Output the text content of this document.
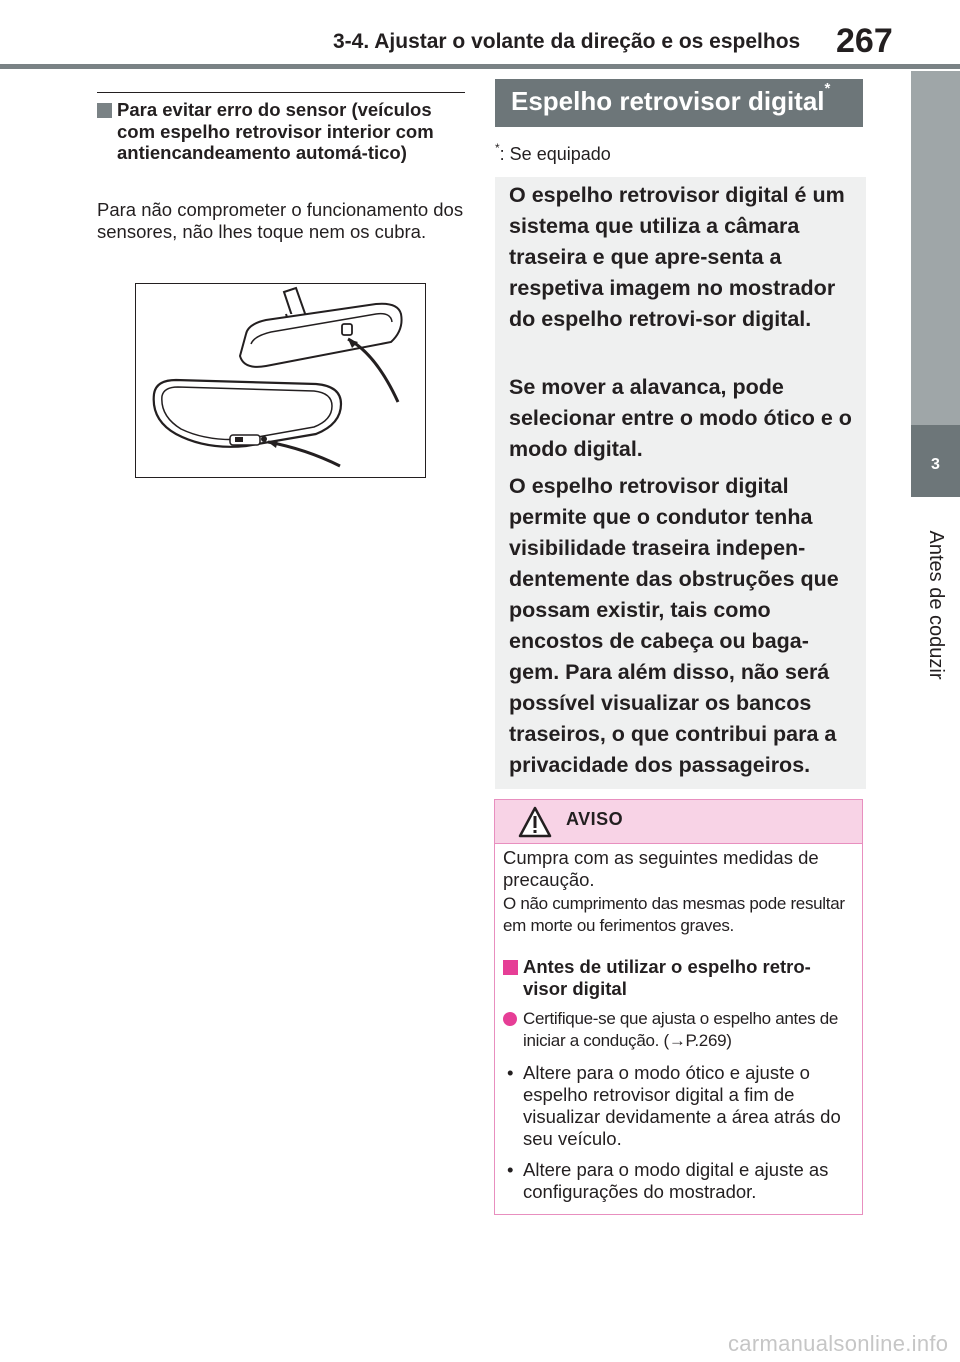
3-4. Ajustar o volante da direção e os espelhos 267
3
Antes de coduzir
Para evitar erro do sensor (veículos com espelho retrovisor interior com antiencandeamento automá-tico)
Para não comprometer o funcionamento dos sensores, não lhes toque nem os cubra.
Espelho retrovisor digital*
*: Se equipado
O espelho retrovisor digital é um sistema que utiliza a câmara traseira e que apre-senta a respetiva imagem no mostrador do espelho retrovi-sor digital.
Se mover a alavanca, pode selecionar entre o modo ótico e o modo digital.
O espelho retrovisor digital permite que o condutor tenha visibilidade traseira indepen-dentemente das obstruções que possam existir, tais como encostos de cabeça ou baga-gem. Para além disso, não será possível visualizar os bancos traseiros, o que contribui para a privacidade dos passageiros.
AVISO
Cumpra com as seguintes medidas de precaução.
O não cumprimento das mesmas pode resultar em morte ou ferimentos graves.
Antes de utilizar o espelho retro-visor digital
Certifique-se que ajusta o espelho antes de iniciar a condução. (→P.269)
• Altere para o modo ótico e ajuste o espelho retrovisor digital a fim de visualizar devidamente a área atrás do seu veículo.
• Altere para o modo digital e ajuste as configurações do mostrador.
carmanualsonline.info
